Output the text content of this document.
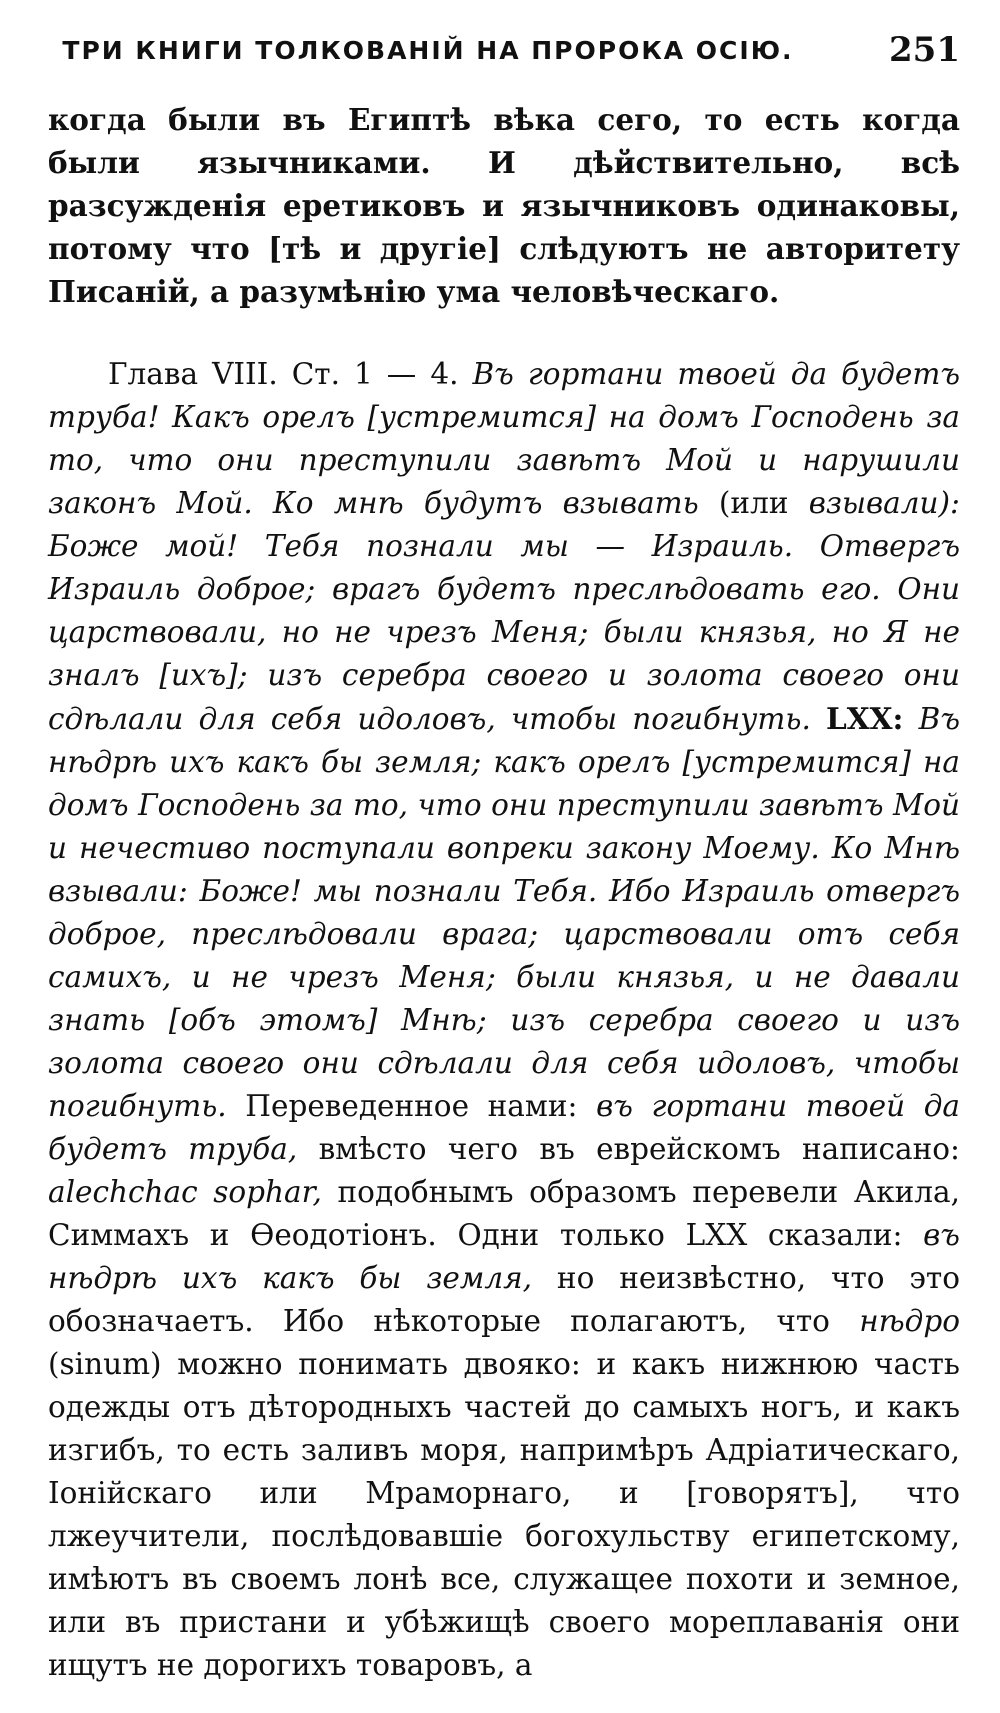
ТРИ КНИГИ ТОЛКОВАНІЙ НА ПРОРОКА ОСІЮ.	251

когда были въ Египтѣ вѣка сего, то есть когда были язычниками. И дѣйствительно, всѣ разсужденія еретиковъ и язычниковъ одинаковы, потому что [тѣ и другіе] слѣдуютъ не авторитету Писаній, а разумѣнію ума человѣческаго.

Глава VIII. Ст. 1 — 4. Въ гортани твоей да будетъ труба! Какъ орелъ [устремится] на домъ Господень за то, что они преступили завѣтъ Мой и нарушили законъ Мой. Ко мнѣ будутъ взывать (или взывали): Боже мой! Тебя познали мы — Израиль. Отвергъ Израиль доброе; врагъ будетъ преслѣдовать его. Они царствовали, но не чрезъ Меня; были князья, но Я не зналъ [ихъ]; изъ серебра своего и золота своего они сдѣлали для себя идоловъ, чтобы погибнуть. LXX: Въ нѣдрѣ ихъ какъ бы земля; какъ орелъ [устремится] на домъ Господень за то, что они преступили завѣтъ Мой и нечестиво поступали вопреки закону Моему. Ко Мнѣ взывали: Боже! мы познали Тебя. Ибо Израиль отвергъ доброе, преслѣдовали врага; царствовали отъ себя самихъ, и не чрезъ Меня; были князья, и не давали знать [объ этомъ] Мнѣ; изъ серебра своего и изъ золота своего они сдѣлали для себя идоловъ, чтобы погибнуть. Переведенное нами: въ гортани твоей да будетъ труба, вмѣсто чего въ еврейскомъ написано: alechchac sophar, подобнымъ образомъ перевели Акила, Симмахъ и Ѳеодотіонъ. Одни только LXX сказали: въ нѣдрѣ ихъ какъ бы земля, но неизвѣстно, что это обозначаетъ. Ибо нѣкоторые полагаютъ, что нѣдро (sinum) можно понимать двояко: и какъ нижнюю часть одежды отъ дѣтородныхъ частей до самыхъ ногъ, и какъ изгибъ, то есть заливъ моря, напримѣръ Адріатическаго, Іонійскаго или Мраморнаго, и [говорятъ], что лжеучители, послѣдовавшіе богохульству египетскому, имѣютъ въ своемъ лонѣ все, служащее похоти и земное, или въ пристани и убѣжищѣ своего мореплаванія они ищутъ не дорогихъ товаровъ, а
